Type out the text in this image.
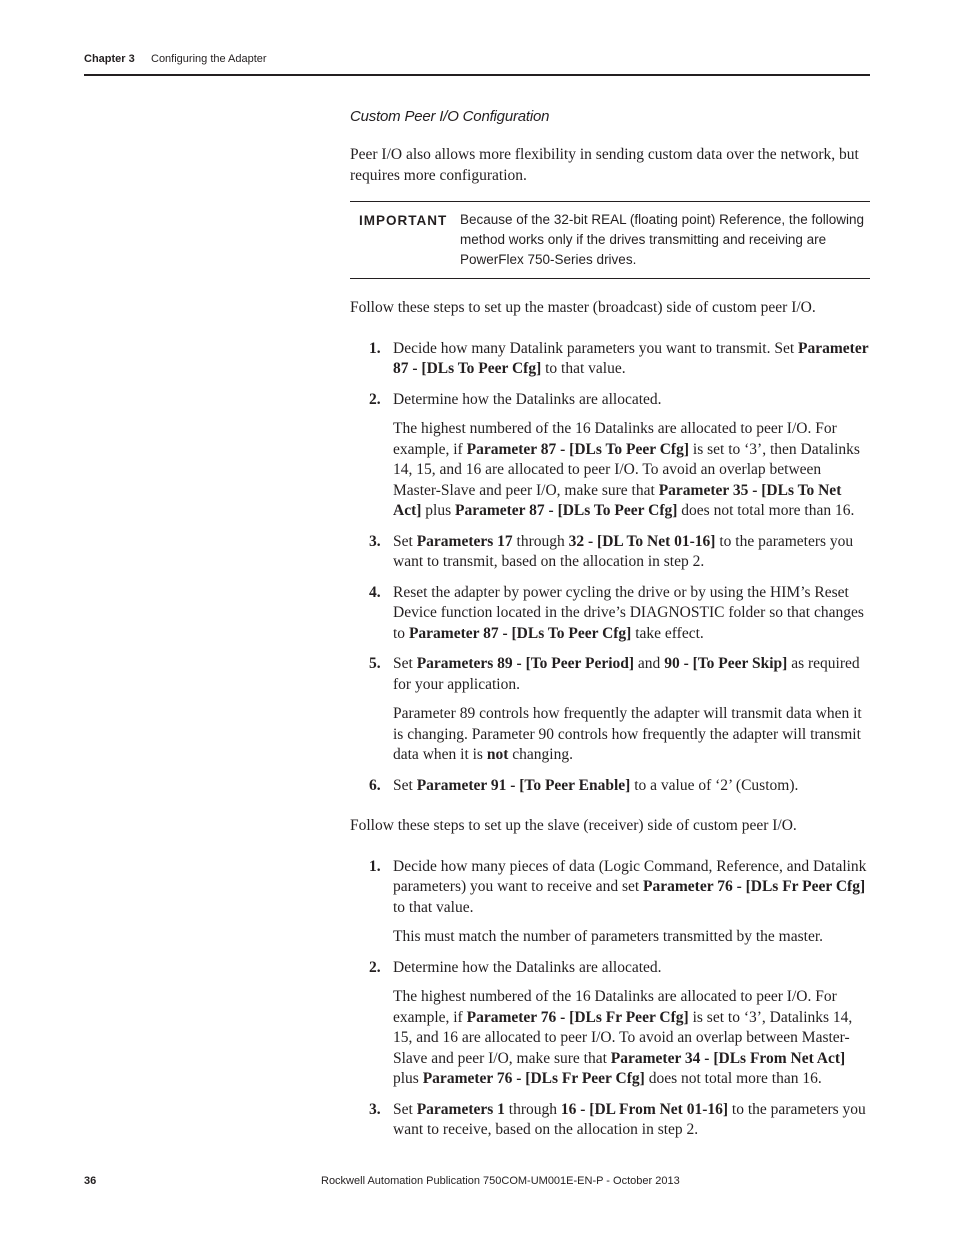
Chapter 3 Configuring the Adapter
Custom Peer I/O Configuration

Peer I/O also allows more flexibility in sending custom data over the network, but requires more configuration.

IMPORTANT Because of the 32-bit REAL (floating point) Reference, the following method works only if the drives transmitting and receiving are PowerFlex 750-Series drives.

Follow these steps to set up the master (broadcast) side of custom peer I/O.

1. Decide how many Datalink parameters you want to transmit. Set Parameter 87 - [DLs To Peer Cfg] to that value.

2. Determine how the Datalinks are allocated.

The highest numbered of the 16 Datalinks are allocated to peer I/O. For example, if Parameter 87 - [DLs To Peer Cfg] is set to ‘3’, then Datalinks 14, 15, and 16 are allocated to peer I/O. To avoid an overlap between Master-Slave and peer I/O, make sure that Parameter 35 - [DLs To Net Act] plus Parameter 87 - [DLs To Peer Cfg] does not total more than 16.

3. Set Parameters 17 through 32 - [DL To Net 01-16] to the parameters you want to transmit, based on the allocation in step 2.

4. Reset the adapter by power cycling the drive or by using the HIM’s Reset Device function located in the drive’s DIAGNOSTIC folder so that changes to Parameter 87 - [DLs To Peer Cfg] take effect.

5. Set Parameters 89 - [To Peer Period] and 90 - [To Peer Skip] as required for your application.

Parameter 89 controls how frequently the adapter will transmit data when it is changing. Parameter 90 controls how frequently the adapter will transmit data when it is not changing.

6. Set Parameter 91 - [To Peer Enable] to a value of ‘2’ (Custom).

Follow these steps to set up the slave (receiver) side of custom peer I/O.

1. Decide how many pieces of data (Logic Command, Reference, and Datalink parameters) you want to receive and set Parameter 76 - [DLs Fr Peer Cfg] to that value.

This must match the number of parameters transmitted by the master.

2. Determine how the Datalinks are allocated.

The highest numbered of the 16 Datalinks are allocated to peer I/O. For example, if Parameter 76 - [DLs Fr Peer Cfg] is set to ‘3’, Datalinks 14, 15, and 16 are allocated to peer I/O. To avoid an overlap between Master-Slave and peer I/O, make sure that Parameter 34 - [DLs From Net Act] plus Parameter 76 - [DLs Fr Peer Cfg] does not total more than 16.

3. Set Parameters 1 through 16 - [DL From Net 01-16] to the parameters you want to receive, based on the allocation in step 2.

36	Rockwell Automation Publication 750COM-UM001E-EN-P - October 2013
